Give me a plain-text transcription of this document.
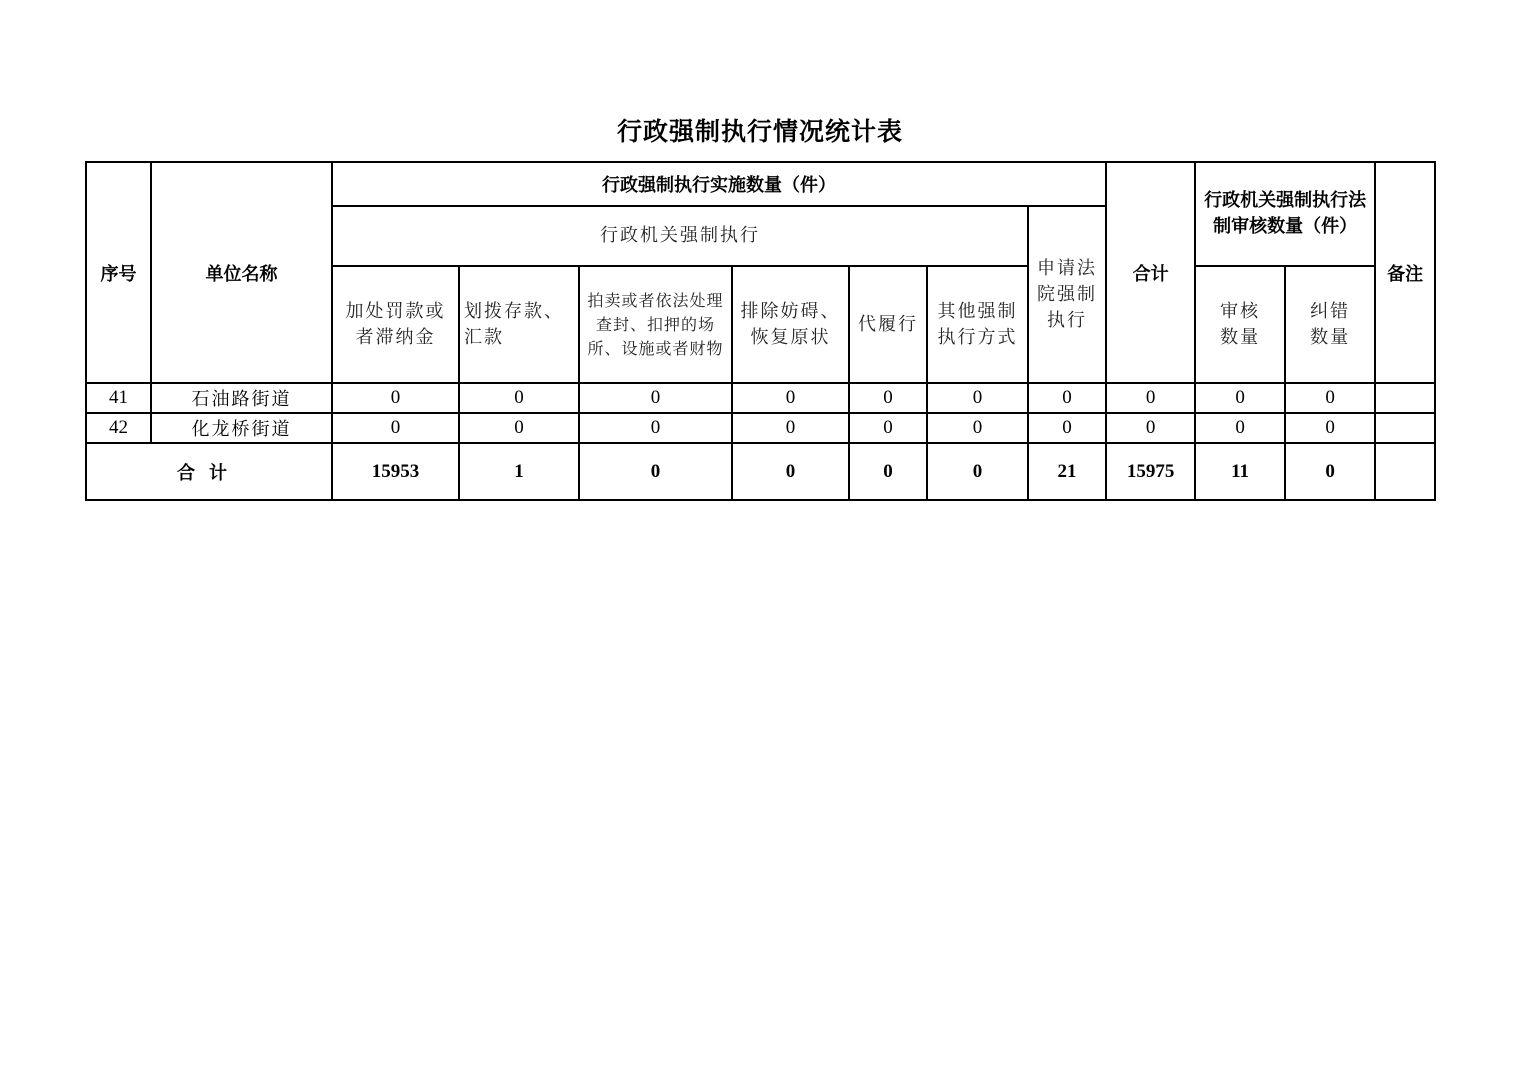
行政强制执行情况统计表
序号	单位名称	行政强制执行实施数量（件）							合计	行政机关强制执行法制审核数量（件）		备注
		行政机关强制执行						申请法院强制执行				
		加处罚款或者滞纳金	划拨存款、汇款	拍卖或者依法处理查封、扣押的场所、设施或者财物	排除妨碍、恢复原状	代履行	其他强制执行方式			审核数量	纠错数量	
41	石油路街道	0	0	0	0	0	0	0	0	0	0	
42	化龙桥街道	0	0	0	0	0	0	0	0	0	0	
合计		15953	1	0	0	0	0	21	15975	11	0	
